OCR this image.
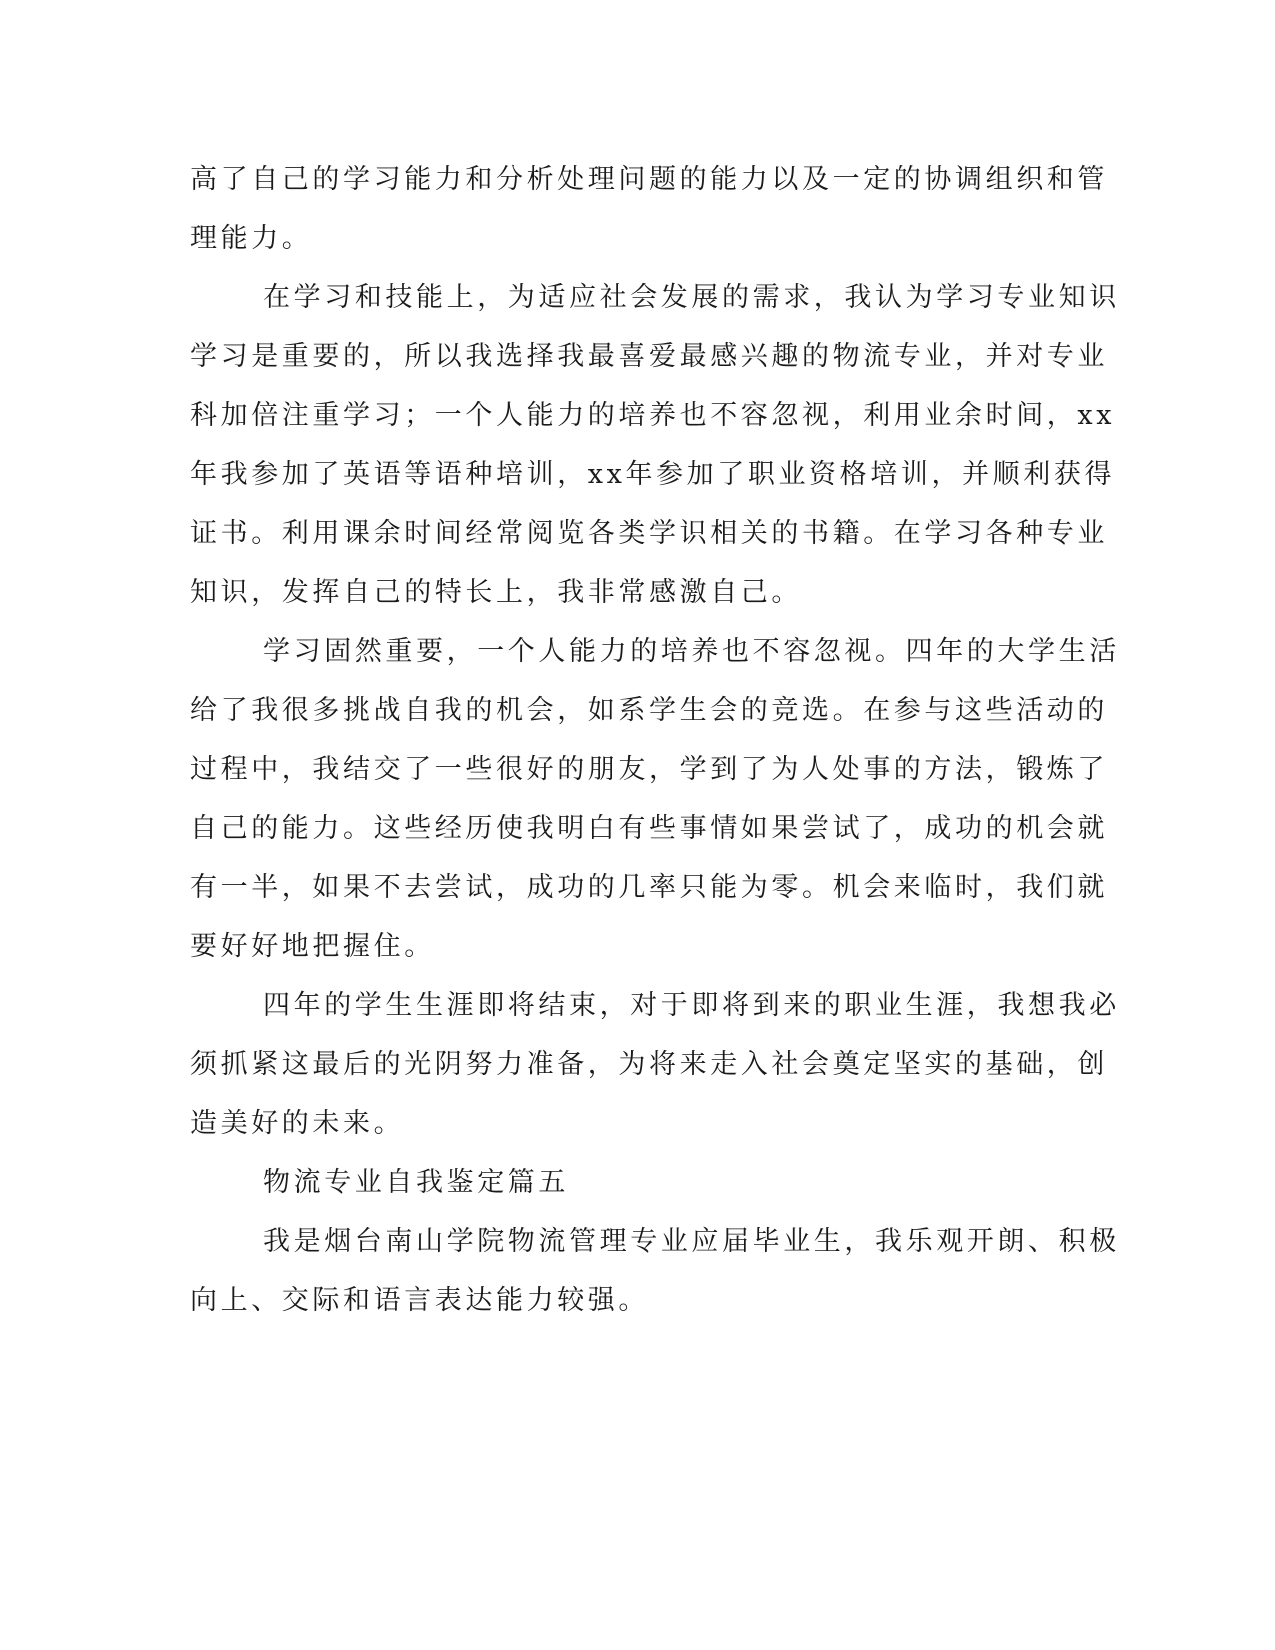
高了自己的学习能力和分析处理问题的能力以及一定的协调组织和管
理能力。
在学习和技能上，为适应社会发展的需求，我认为学习专业知识
学习是重要的，所以我选择我最喜爱最感兴趣的物流专业，并对专业
科加倍注重学习；一个人能力的培养也不容忽视，利用业余时间，xx
年我参加了英语等语种培训，xx年参加了职业资格培训，并顺利获得
证书。利用课余时间经常阅览各类学识相关的书籍。在学习各种专业
知识，发挥自己的特长上，我非常感激自己。
学习固然重要，一个人能力的培养也不容忽视。四年的大学生活
给了我很多挑战自我的机会，如系学生会的竞选。在参与这些活动的
过程中，我结交了一些很好的朋友，学到了为人处事的方法，锻炼了
自己的能力。这些经历使我明白有些事情如果尝试了，成功的机会就
有一半，如果不去尝试，成功的几率只能为零。机会来临时，我们就
要好好地把握住。
四年的学生生涯即将结束，对于即将到来的职业生涯，我想我必
须抓紧这最后的光阴努力准备，为将来走入社会奠定坚实的基础，创
造美好的未来。
物流专业自我鉴定篇五
我是烟台南山学院物流管理专业应届毕业生，我乐观开朗、积极
向上、交际和语言表达能力较强。
